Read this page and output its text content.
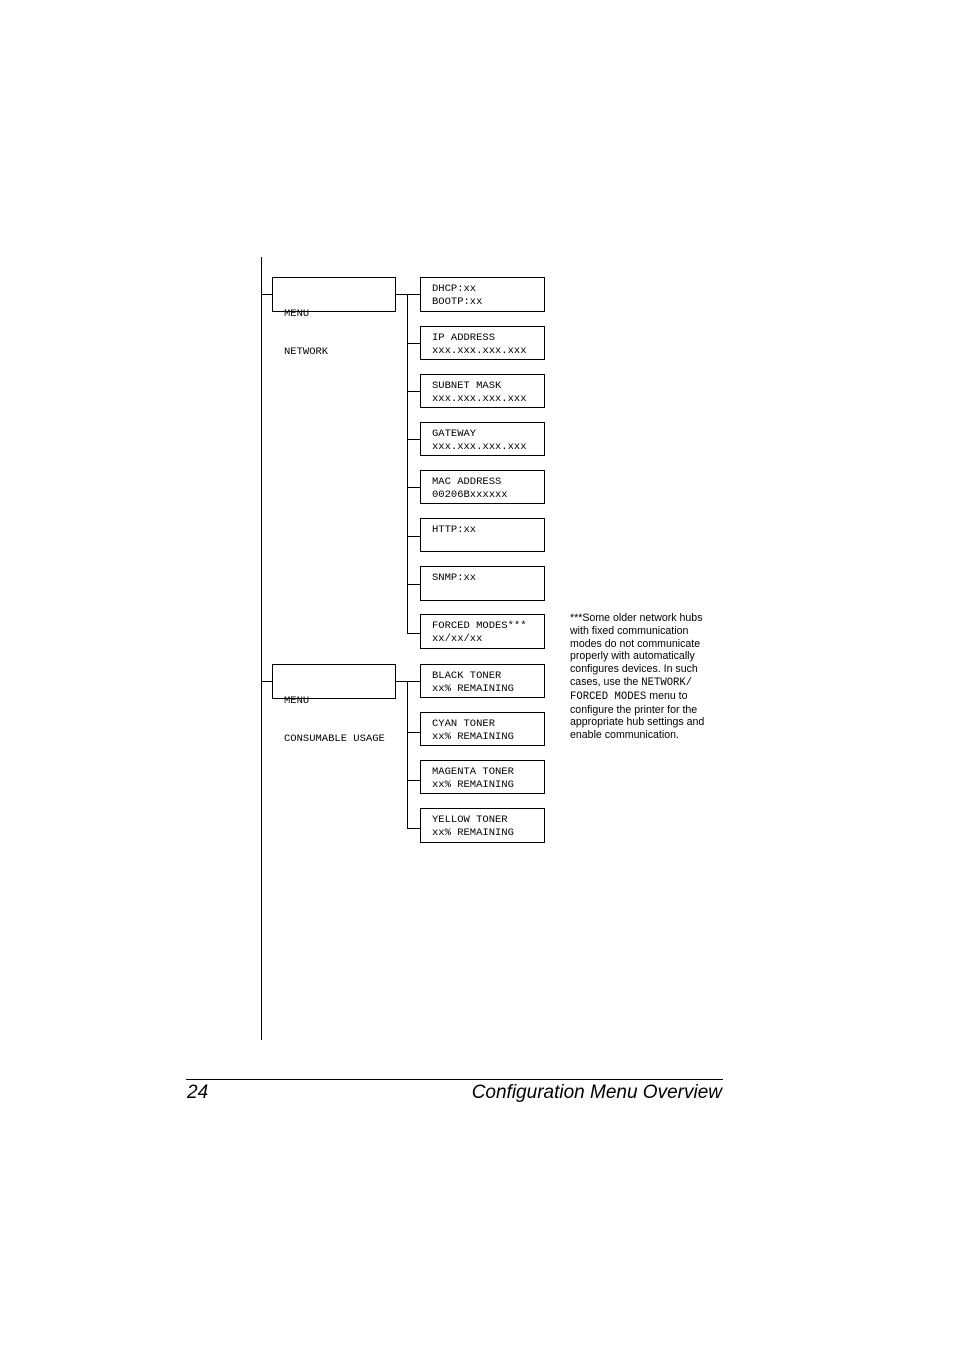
MENU

NETWORK

DHCP:xx
BOOTP:xx
IP ADDRESS
xxx.xxx.xxx.xxx
SUBNET MASK
xxx.xxx.xxx.xxx
GATEWAY
xxx.xxx.xxx.xxx
MAC ADDRESS
00206Bxxxxxx
HTTP:xx
SNMP:xx
FORCED MODES***
xx/xx/xx

MENU

CONSUMABLE USAGE

BLACK TONER
xx% REMAINING
CYAN TONER
xx% REMAINING
MAGENTA TONER
xx% REMAINING
YELLOW TONER
xx% REMAINING
***Some older network hubs with fixed communication modes do not communicate properly with automatically configures devices. In such cases, use the NETWORK/ FORCED MODES menu to configure the printer for the appropriate hub settings and enable communication.
24	Configuration Menu Overview
